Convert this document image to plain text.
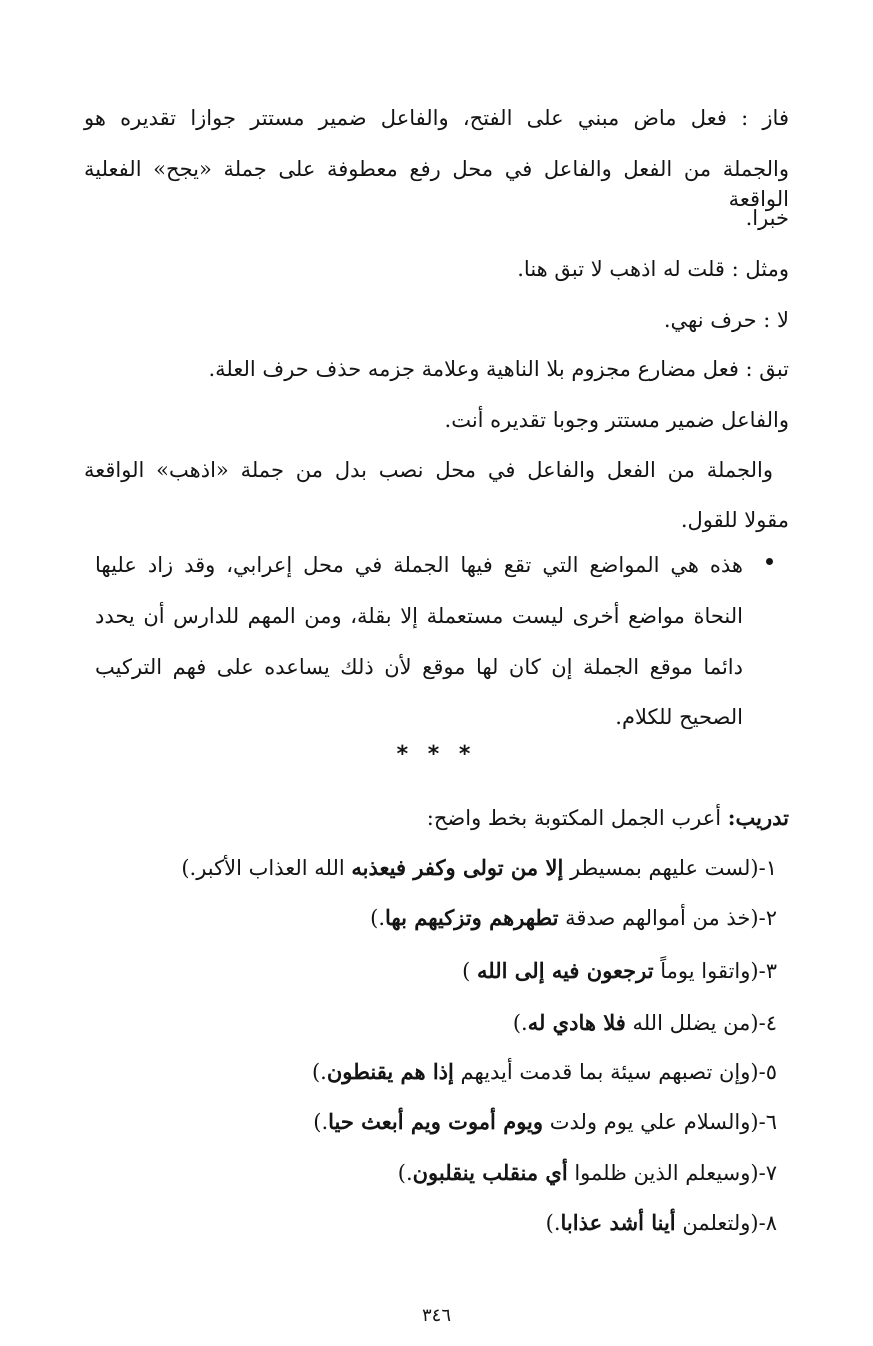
فاز : فعل ماض مبني على الفتح، والفاعل ضمير مستتر جوازا تقديره هو
والجملة من الفعل والفاعل في محل رفع معطوفة على جملة «يجح» الفعلية الواقعة
خبرا.
ومثل : قلت له اذهب لا تبق هنا.
لا : حرف نهي.
تبق : فعل مضارع مجزوم بلا الناهية وعلامة جزمه حذف حرف العلة.
والفاعل ضمير مستتر وجوبا تقديره أنت.
والجملة من الفعل والفاعل في محل نصب بدل من جملة «اذهب» الواقعة
مقولا للقول.
هذه هي المواضع التي تقع فيها الجملة في محل إعرابي، وقد زاد عليها
النحاة مواضع أخرى ليست مستعملة إلا بقلة، ومن المهم للدارس أن يحدد
دائما موقع الجملة إن كان لها موقع لأن ذلك يساعده على فهم التركيب
الصحيح للكلام.
* * *
تدريب: أعرب الجمل المكتوبة بخط واضح:
١-(لست عليهم بمسيطر إلا من تولى وكفر فيعذبه الله العذاب الأكبر.)
٢-(خذ من أموالهم صدقة تطهرهم وتزكيهم بها.)
٣-(واتقوا يوماً ترجعون فيه إلى الله )
٤-(من يضلل الله فلا هادي له.)
٥-(وإن تصبهم سيئة بما قدمت أيديهم إذا هم يقنطون.)
٦-(والسلام علي يوم ولدت ويوم أموت ويم أبعث حيا.)
٧-(وسيعلم الذين ظلموا أي منقلب ينقلبون.)
٨-(ولتعلمن أينا أشد عذابا.)
٣٤٦
